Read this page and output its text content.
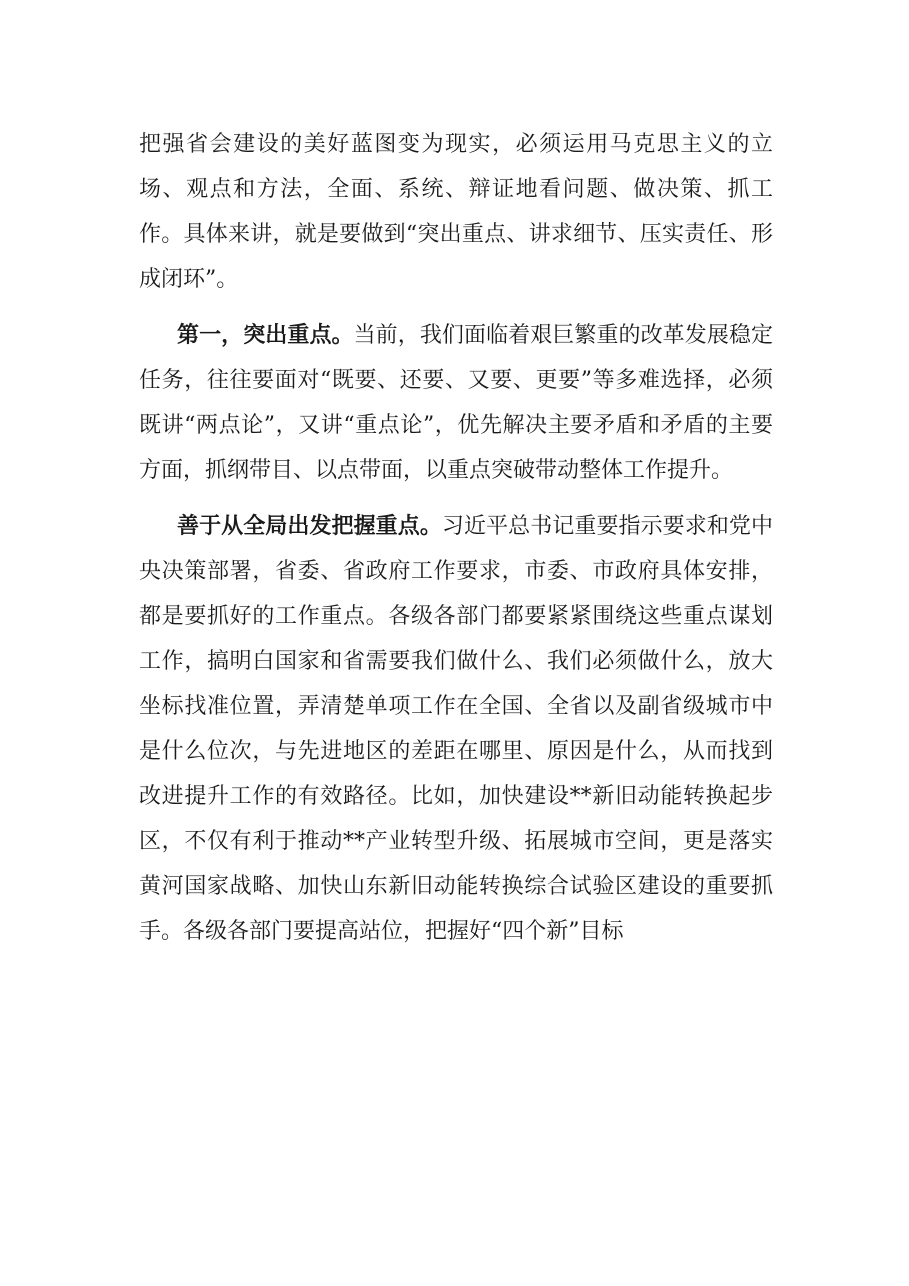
把强省会建设的美好蓝图变为现实，必须运用马克思主义的立场、观点和方法，全面、系统、辩证地看问题、做决策、抓工作。具体来讲，就是要做到“突出重点、讲求细节、压实责任、形成闭环”。

第一，突出重点。当前，我们面临着艰巨繁重的改革发展稳定任务，往往要面对“既要、还要、又要、更要”等多难选择，必须既讲“两点论”，又讲“重点论”，优先解决主要矛盾和矛盾的主要方面，抓纲带目、以点带面，以重点突破带动整体工作提升。

善于从全局出发把握重点。习近平总书记重要指示要求和党中央决策部署，省委、省政府工作要求，市委、市政府具体安排，都是要抓好的工作重点。各级各部门都要紧紧围绕这些重点谋划工作，搞明白国家和省需要我们做什么、我们必须做什么，放大坐标找准位置，弄清楚单项工作在全国、全省以及副省级城市中是什么位次，与先进地区的差距在哪里、原因是什么，从而找到改进提升工作的有效路径。比如，加快建设**新旧动能转换起步区，不仅有利于推动**产业转型升级、拓展城市空间，更是落实黄河国家战略、加快山东新旧动能转换综合试验区建设的重要抓手。各级各部门要提高站位，把握好“四个新”目标
